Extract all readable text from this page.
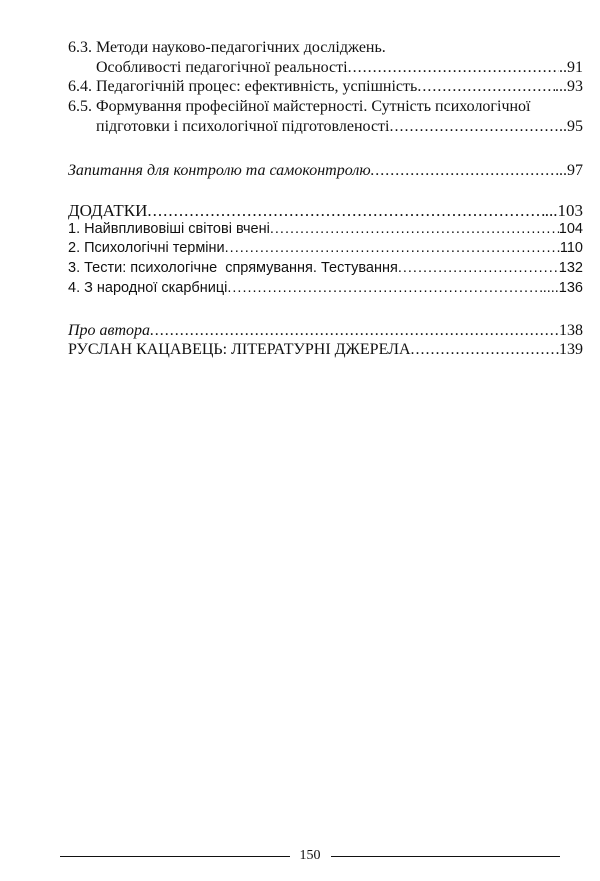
6.3. Методи науково-педагогічних досліджень.
Особливості педагогічної реальності .....	..91
6.4. Педагогічній процес: ефективність, успішність .....	...93
6.5. Формування професійної майстерності. Сутність психологічної
підготовки і психологічної підготовленості .....	..95
Запитання для контролю та самоконтролю .....	..97
ДОДАТКИ .....	...103
1. Найвпливовіші світові вчені .....	104
2. Психологічні терміни .....	110
3. Тести: психологічне  спрямування. Тестування .....	132
4. З народної скарбниці .....	....136
Про автора .....	138
РУСЛАН КАЦАВЕЦЬ: ЛІТЕРАТУРНІ ДЖЕРЕЛА .....	139
150
